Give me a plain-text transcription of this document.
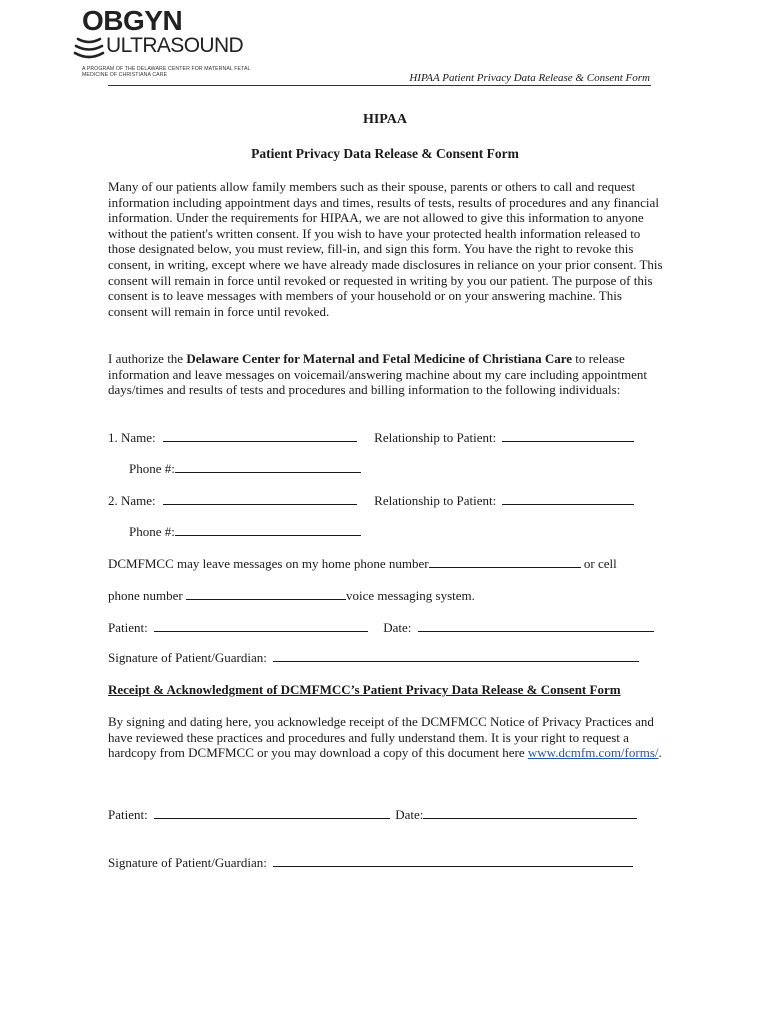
OBGYN
ULTRASOUND
A PROGRAM OF THE DELAWARE CENTER FOR MATERNAL FETAL MEDICINE OF CHRISTIANA CARE	HIPAA Patient Privacy Data Release & Consent Form
HIPAA
Patient Privacy Data Release & Consent Form
Many of our patients allow family members such as their spouse, parents or others to call and request information including appointment days and times, results of tests, results of procedures and any financial information. Under the requirements for HIPAA, we are not allowed to give this information to anyone without the patient's written consent. If you wish to have your protected health information released to those designated below, you must review, fill-in, and sign this form. You have the right to revoke this consent, in writing, except where we have already made disclosures in reliance on your prior consent. This consent will remain in force until revoked or requested in writing by you our patient. The purpose of this consent is to leave messages with members of your household or on your answering machine. This consent will remain in force until revoked.
I authorize the Delaware Center for Maternal and Fetal Medicine of Christiana Care to release information and leave messages on voicemail/answering machine about my care including appointment days/times and results of tests and procedures and billing information to the following individuals:
1. Name:	Relationship to Patient:
Phone #:
2. Name:	Relationship to Patient:
Phone #:
DCMFMCC may leave messages on my home phone number	or cell
phone number	voice messaging system.
Patient:	Date:
Signature of Patient/Guardian:
Receipt & Acknowledgment of DCMFMCC’s Patient Privacy Data Release & Consent Form
By signing and dating here, you acknowledge receipt of the DCMFMCC Notice of Privacy Practices and have reviewed these practices and procedures and fully understand them. It is your right to request a hardcopy from DCMFMCC or you may download a copy of this document here www.dcmfm.com/forms/.
Patient:	Date:
Signature of Patient/Guardian:
